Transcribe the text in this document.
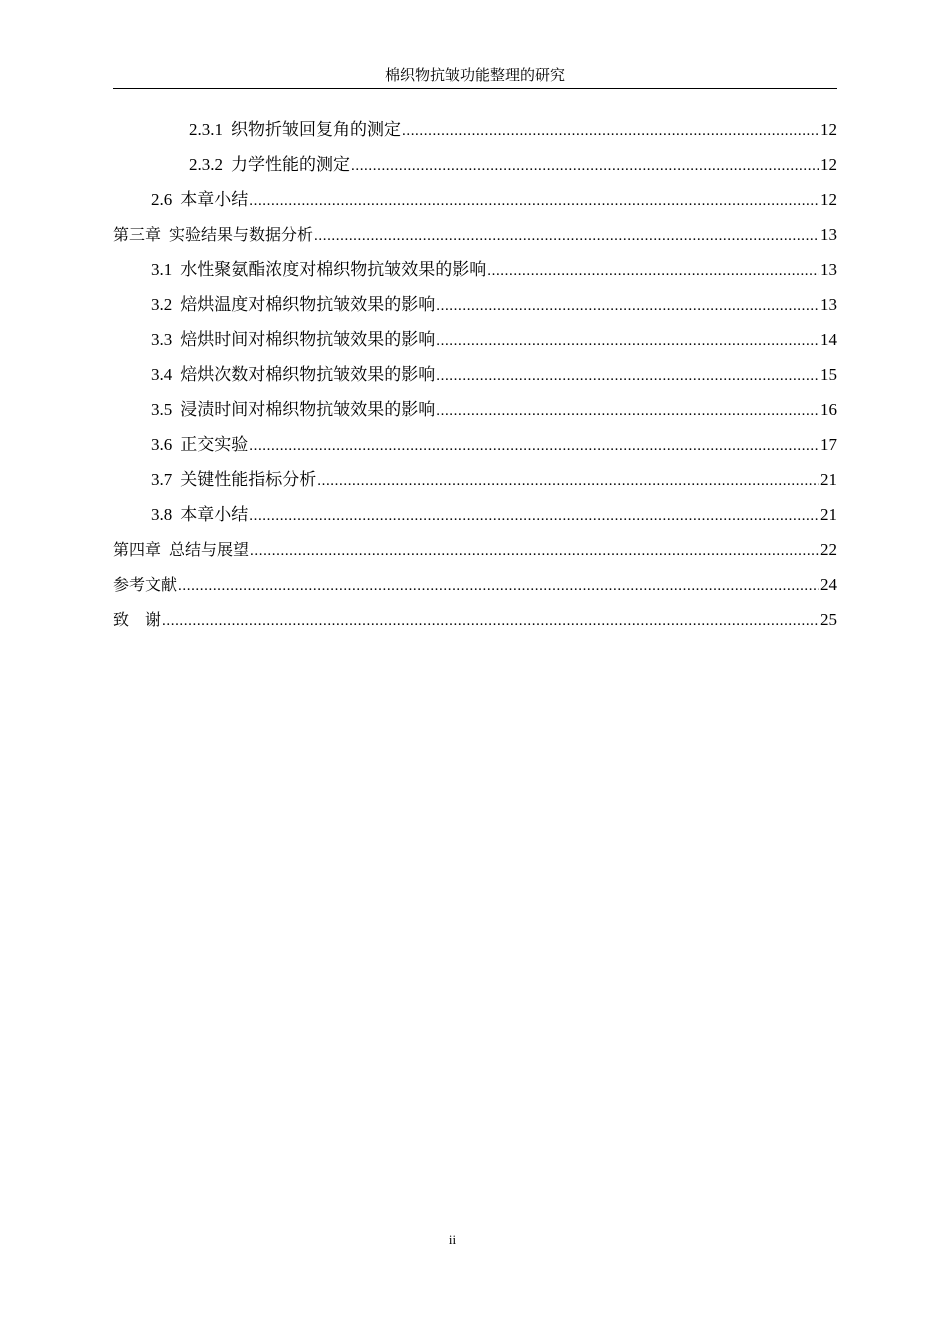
棉织物抗皱功能整理的研究
2.3.1 织物折皱回复角的测定 .....	12
2.3.2 力学性能的测定 .....	12
2.6 本章小结 .....	12
第三章 实验结果与数据分析 .....	13
3.1 水性聚氨酯浓度对棉织物抗皱效果的影响 .....	13
3.2 焙烘温度对棉织物抗皱效果的影响 .....	13
3.3 焙烘时间对棉织物抗皱效果的影响 .....	14
3.4 焙烘次数对棉织物抗皱效果的影响 .....	15
3.5 浸渍时间对棉织物抗皱效果的影响 .....	16
3.6 正交实验 .....	17
3.7 关键性能指标分析 .....	21
3.8 本章小结 .....	21
第四章 总结与展望 .....	22
参考文献 .....	24
致　谢 .....	25
ii
